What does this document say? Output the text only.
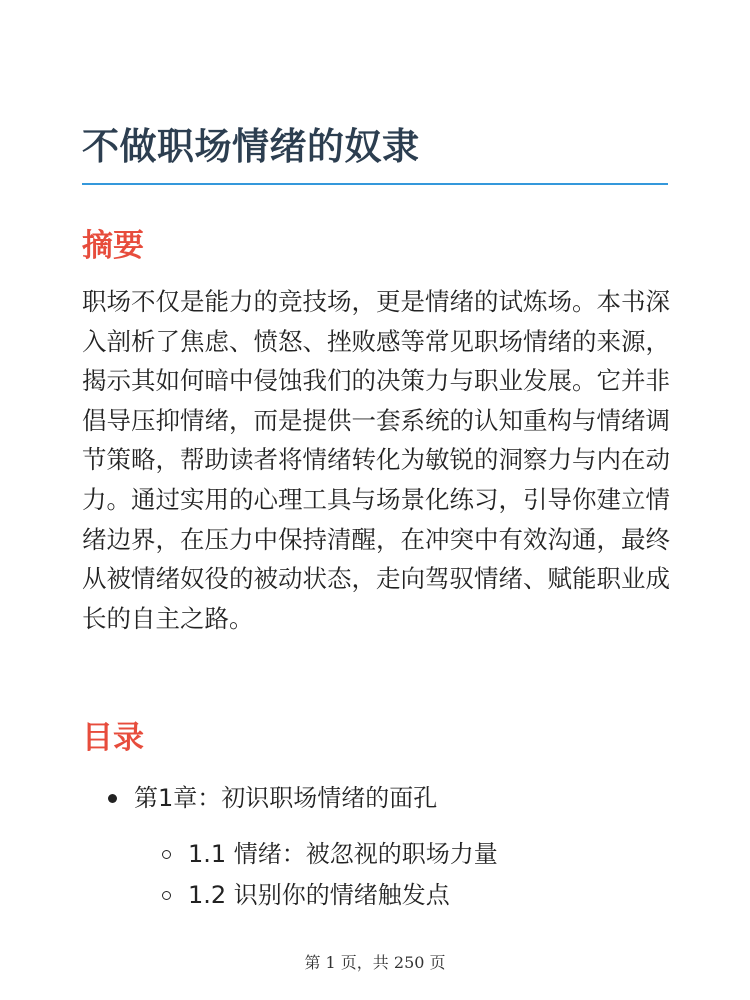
不做职场情绪的奴隶
摘要

职场不仅是能力的竞技场，更是情绪的试炼场。本书深入剖析了焦虑、愤怒、挫败感等常见职场情绪的来源，揭示其如何暗中侵蚀我们的决策力与职业发展。它并非倡导压抑情绪，而是提供一套系统的认知重构与情绪调节策略，帮助读者将情绪转化为敏锐的洞察力与内在动力。通过实用的心理工具与场景化练习，引导你建立情绪边界，在压力中保持清醒，在冲突中有效沟通，最终从被情绪奴役的被动状态，走向驾驭情绪、赋能职业成长的自主之路。

目录
第1章：初识职场情绪的面孔
1.1 情绪：被忽视的职场力量
1.2 识别你的情绪触发点
第 1 页，共 250 页
